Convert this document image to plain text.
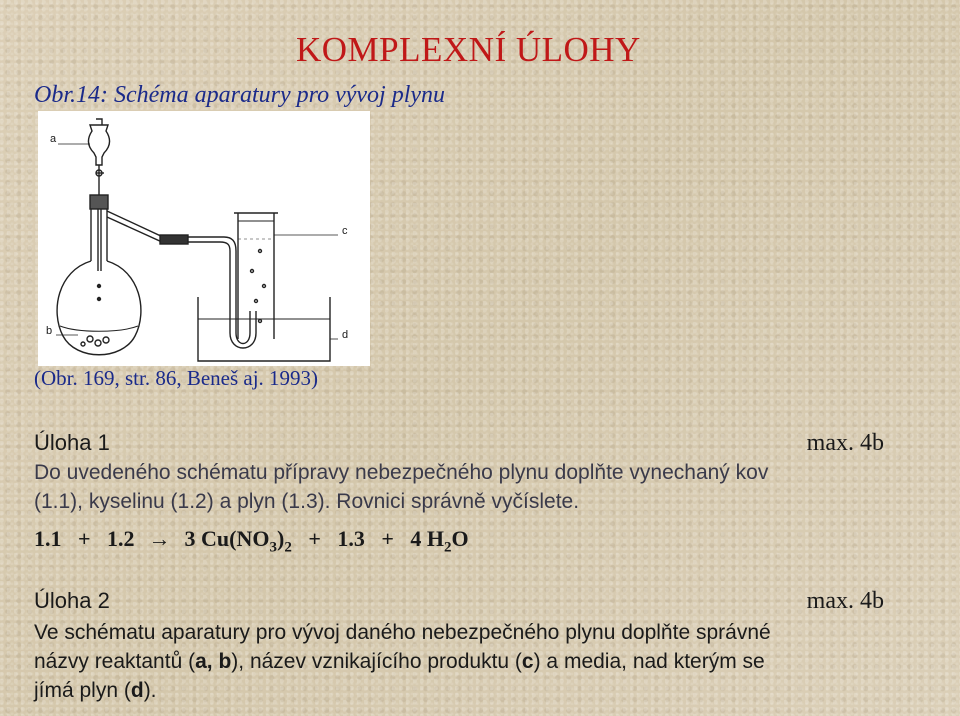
KOMPLEXNÍ ÚLOHY
Obr.14: Schéma aparatury pro vývoj plynu
a
b
c
d
(Obr. 169, str. 86, Beneš aj. 1993)
Úloha 1	max. 4b
Do uvedeného schématu přípravy nebezpečného plynu doplňte vynechaný kov
(1.1), kyselinu (1.2) a plyn (1.3). Rovnici správně vyčíslete.
1.1   +   1.2 → 3 $Cu(NO_3)_2 + 1.3 + 4$ $H_2O$
Úloha 2	max. 4b
Ve schématu aparatury pro vývoj daného nebezpečného plynu doplňte správné
názvy reaktantů (a, b), název vznikajícího produktu (c) a media, nad kterým se
jímá plyn (d).
